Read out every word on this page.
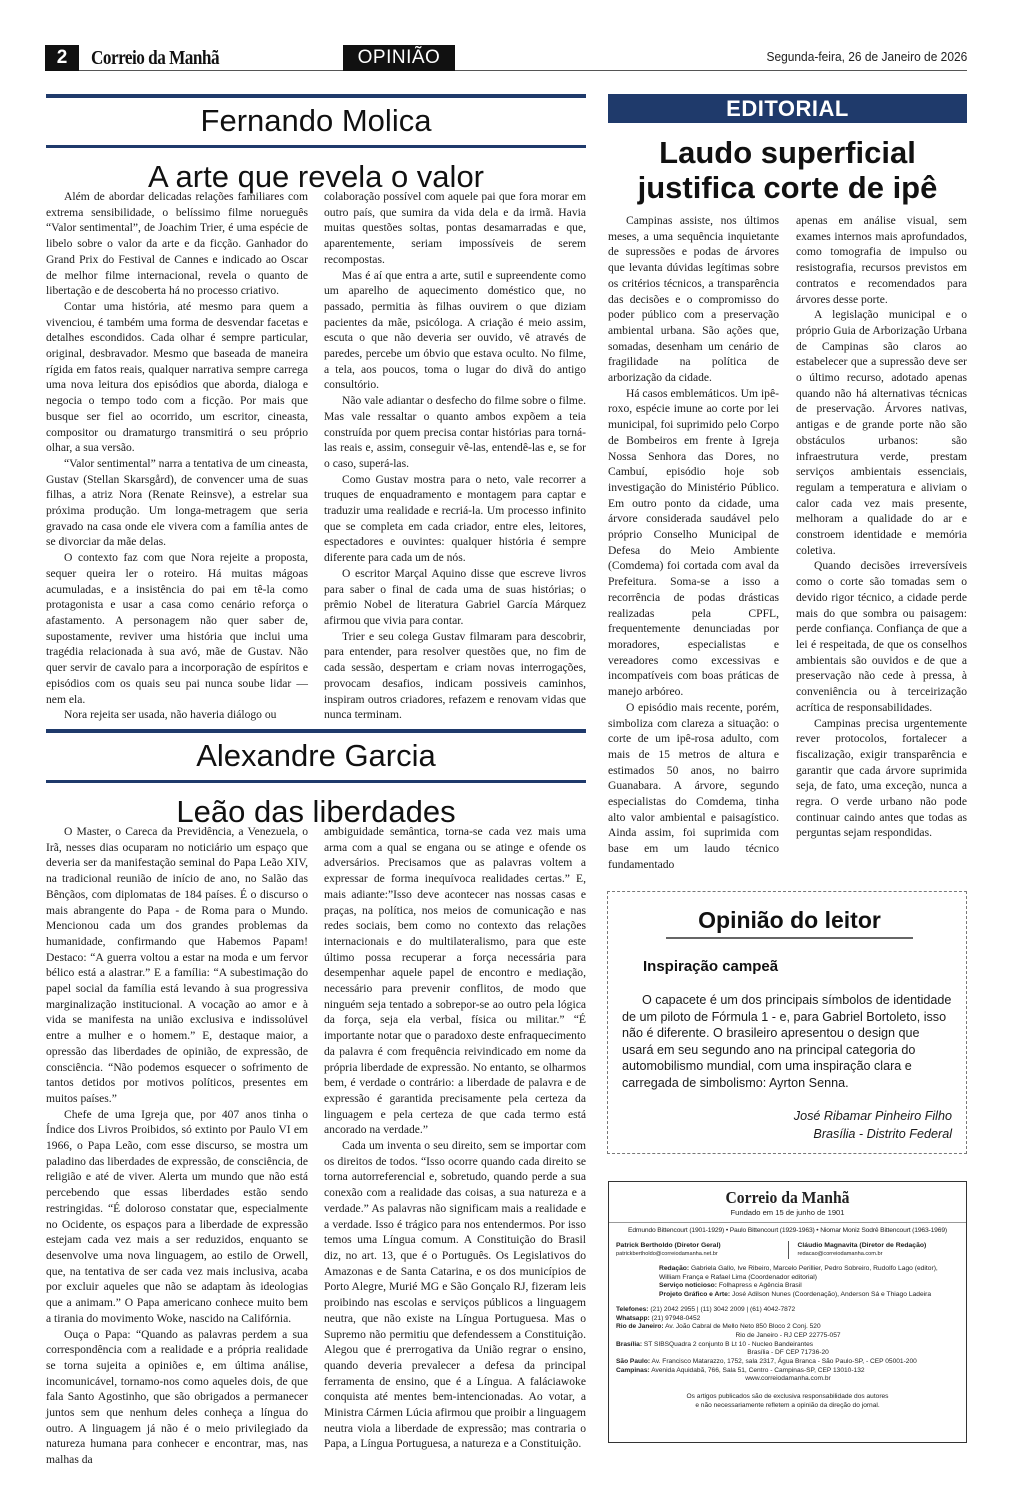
2	Correio da Manhã	OPINIÃO	Segunda-feira, 26 de Janeiro de 2026
Fernando Molica
A arte que revela o valor

Além de abordar delicadas relações familiares com extrema sensibilidade, o belíssimo filme norueguês “Valor sentimental”, de Joachim Trier, é uma espécie de libelo sobre o valor da arte e da ficção. Ganhador do Grand Prix do Festival de Cannes e indicado ao Oscar de melhor filme internacional, revela o quanto de libertação e de descoberta há no processo criativo.

Contar uma história, até mesmo para quem a vivenciou, é também uma forma de desvendar facetas e detalhes escondidos. Cada olhar é sempre particular, original, desbravador. Mesmo que baseada de maneira rígida em fatos reais, qualquer narrativa sempre carrega uma nova leitura dos episódios que aborda, dialoga e negocia o tempo todo com a ficção. Por mais que busque ser fiel ao ocorrido, um escritor, cineasta, compositor ou dramaturgo transmitirá o seu próprio olhar, a sua versão.

“Valor sentimental” narra a tentativa de um cineasta, Gustav (Stellan Skarsgård), de convencer uma de suas filhas, a atriz Nora (Renate Reinsve), a estrelar sua próxima produção. Um longa-metragem que seria gravado na casa onde ele vivera com a família antes de se divorciar da mãe delas.

O contexto faz com que Nora rejeite a proposta, sequer queira ler o roteiro. Há muitas mágoas acumuladas, e a insistência do pai em tê-la como protagonista e usar a casa como cenário reforça o afastamento. A personagem não quer saber de, supostamente, reviver uma história que inclui uma tragédia relacionada à sua avó, mãe de Gustav. Não quer servir de cavalo para a incorporação de espíritos e episódios com os quais seu pai nunca soube lidar — nem ela.

Nora rejeita ser usada, não haveria diálogo ou

colaboração possível com aquele pai que fora morar em outro país, que sumira da vida dela e da irmã. Havia muitas questões soltas, pontas desamarradas e que, aparentemente, seriam impossíveis de serem recompostas.

Mas é aí que entra a arte, sutil e supreendente como um aparelho de aquecimento doméstico que, no passado, permitia às filhas ouvirem o que diziam pacientes da mãe, psicóloga. A criação é meio assim, escuta o que não deveria ser ouvido, vê através de paredes, percebe um óbvio que estava oculto. No filme, a tela, aos poucos, toma o lugar do divã do antigo consultório.

Não vale adiantar o desfecho do filme sobre o filme. Mas vale ressaltar o quanto ambos expõem a teia construída por quem precisa contar histórias para torná-las reais e, assim, conseguir vê-las, entendê-las e, se for o caso, superá-las.

Como Gustav mostra para o neto, vale recorrer a truques de enquadramento e montagem para captar e traduzir uma realidade e recriá-la. Um processo infinito que se completa em cada criador, entre eles, leitores, espectadores e ouvintes: qualquer história é sempre diferente para cada um de nós.

O escritor Marçal Aquino disse que escreve livros para saber o final de cada uma de suas histórias; o prêmio Nobel de literatura Gabriel García Márquez afirmou que vivia para contar.

Trier e seu colega Gustav filmaram para descobrir, para entender, para resolver questões que, no fim de cada sessão, despertam e criam novas interrogações, provocam desafios, indicam possiveis caminhos, inspiram outros criadores, refazem e renovam vidas que nunca terminam.

Alexandre Garcia
Leão das liberdades

O Master, o Careca da Previdência, a Venezuela, o Irã, nesses dias ocuparam no noticiário um espaço que deveria ser da manifestação seminal do Papa Leão XIV, na tradicional reunião de início de ano, no Salão das Bênçãos, com diplomatas de 184 países. É o discurso o mais abrangente do Papa - de Roma para o Mundo. Mencionou cada um dos grandes problemas da humanidade, confirmando que Habemos Papam! Destaco: “A guerra voltou a estar na moda e um fervor bélico está a alastrar.” E a família: “A subestimação do papel social da família está levando à sua progressiva marginalização institucional. A vocação ao amor e à vida se manifesta na união exclusiva e indissolúvel entre a mulher e o homem.” E, destaque maior, a opressão das liberdades de opinião, de expressão, de consciência. “Não podemos esquecer o sofrimento de tantos detidos por motivos políticos, presentes em muitos países.”

Chefe de uma Igreja que, por 407 anos tinha o Índice dos Livros Proibidos, só extinto por Paulo VI em 1966, o Papa Leão, com esse discurso, se mostra um paladino das liberdades de expressão, de consciência, de religião e até de viver. Alerta um mundo que não está percebendo que essas liberdades estão sendo restringidas. “É doloroso constatar que, especialmente no Ocidente, os espaços para a liberdade de expressão estejam cada vez mais a ser reduzidos, enquanto se desenvolve uma nova linguagem, ao estilo de Orwell, que, na tentativa de ser cada vez mais inclusiva, acaba por excluir aqueles que não se adaptam às ideologias que a animam.” O Papa americano conhece muito bem a tirania do movimento Woke, nascido na Califórnia.

Ouça o Papa: “Quando as palavras perdem a sua correspondência com a realidade e a própria realidade se torna sujeita a opiniões e, em última análise, incomunicável, tornamo-nos como aqueles dois, de que fala Santo Agostinho, que são obrigados a permanecer juntos sem que nenhum deles conheça a língua do outro. A linguagem já não é o meio privilegiado da natureza humana para conhecer e encontrar, mas, nas malhas da

ambiguidade semântica, torna-se cada vez mais uma arma com a qual se engana ou se atinge e ofende os adversários. Precisamos que as palavras voltem a expressar de forma inequívoca realidades certas.” E, mais adiante:”Isso deve acontecer nas nossas casas e praças, na política, nos meios de comunicação e nas redes sociais, bem como no contexto das relações internacionais e do multilateralismo, para que este último possa recuperar a força necessária para desempenhar aquele papel de encontro e mediação, necessário para prevenir conflitos, de modo que ninguém seja tentado a sobrepor-se ao outro pela lógica da força, seja ela verbal, física ou militar.” “É importante notar que o paradoxo deste enfraquecimento da palavra é com frequência reivindicado em nome da própria liberdade de expressão. No entanto, se olharmos bem, é verdade o contrário: a liberdade de palavra e de expressão é garantida precisamente pela certeza da linguagem e pela certeza de que cada termo está ancorado na verdade.”

Cada um inventa o seu direito, sem se importar com os direitos de todos. “Isso ocorre quando cada direito se torna autorreferencial e, sobretudo, quando perde a sua conexão com a realidade das coisas, a sua natureza e a verdade.” As palavras não significam mais a realidade e a verdade. Isso é trágico para nos entendermos. Por isso temos uma Língua comum. A Constituição do Brasil diz, no art. 13, que é o Português. Os Legislativos do Amazonas e de Santa Catarina, e os dos municípios de Porto Alegre, Murié MG e São Gonçalo RJ, fizeram leis proibindo nas escolas e serviços públicos a linguagem neutra, que não existe na Língua Portuguesa. Mas o Supremo não permitiu que defendessem a Constituição. Alegou que é prerrogativa da União regrar o ensino, quando deveria prevalecer a defesa da principal ferramenta de ensino, que é a Língua. A faláciawoke conquista até mentes bem-intencionadas. Ao votar, a Ministra Cármen Lúcia afirmou que proibir a linguagem neutra viola a liberdade de expressão; mas contraria o Papa, a Língua Portuguesa, a natureza e a Constituição.

EDITORIAL
Laudo superficial
justifica corte de ipê

Campinas assiste, nos últimos meses, a uma sequência inquietante de supressões e podas de árvores que levanta dúvidas legítimas sobre os critérios técnicos, a transparência das decisões e o compromisso do poder público com a preservação ambiental urbana. São ações que, somadas, desenham um cenário de fragilidade na política de arborização da cidade.

Há casos emblemáticos. Um ipê-roxo, espécie imune ao corte por lei municipal, foi suprimido pelo Corpo de Bombeiros em frente à Igreja Nossa Senhora das Dores, no Cambuí, episódio hoje sob investigação do Ministério Público. Em outro ponto da cidade, uma árvore considerada saudável pelo próprio Conselho Municipal de Defesa do Meio Ambiente (Comdema) foi cortada com aval da Prefeitura. Soma-se a isso a recorrência de podas drásticas realizadas pela CPFL, frequentemente denunciadas por moradores, especialistas e vereadores como excessivas e incompatíveis com boas práticas de manejo arbóreo.

O episódio mais recente, porém, simboliza com clareza a situação: o corte de um ipê-rosa adulto, com mais de 15 metros de altura e estimados 50 anos, no bairro Guanabara. A árvore, segundo especialistas do Comdema, tinha alto valor ambiental e paisagístico. Ainda assim, foi suprimida com base em um laudo técnico fundamentado

apenas em análise visual, sem exames internos mais aprofundados, como tomografia de impulso ou resistografia, recursos previstos em contratos e recomendados para árvores desse porte.

A legislação municipal e o próprio Guia de Arborização Urbana de Campinas são claros ao estabelecer que a supressão deve ser o último recurso, adotado apenas quando não há alternativas técnicas de preservação. Árvores nativas, antigas e de grande porte não são obstáculos urbanos: são infraestrutura verde, prestam serviços ambientais essenciais, regulam a temperatura e aliviam o calor cada vez mais presente, melhoram a qualidade do ar e constroem identidade e memória coletiva.

Quando decisões irreversíveis como o corte são tomadas sem o devido rigor técnico, a cidade perde mais do que sombra ou paisagem: perde confiança. Confiança de que a lei é respeitada, de que os conselhos ambientais são ouvidos e de que a preservação não cede à pressa, à conveniência ou à terceirização acrítica de responsabilidades.

Campinas precisa urgentemente rever protocolos, fortalecer a fiscalização, exigir transparência e garantir que cada árvore suprimida seja, de fato, uma exceção, nunca a regra. O verde urbano não pode continuar caindo antes que todas as perguntas sejam respondidas.

Opinião do leitor
Inspiração campeã

O capacete é um dos principais símbolos de identidade de um piloto de Fórmula 1 - e, para Gabriel Bortoleto, isso não é diferente. O brasileiro apresentou o design que usará em seu segundo ano na principal categoria do automobilismo mundial, com uma inspiração clara e carregada de simbolismo: Ayrton Senna.

José Ribamar Pinheiro Filho
Brasília - Distrito Federal
Correio da Manhã
Fundado em 15 de junho de 1901
Edmundo Bittencourt (1901-1929) • Paulo Bittencourt (1929-1963) • Niomar Moniz Sodrê Bittencourt (1963-1969)
Patrick Bertholdo (Diretor Geral)
patrickbertholdo@correiodamanha.net.br
Cláudio Magnavita (Diretor de Redação)
redacao@correiodamanha.com.br
Redação: Gabriela Gallo, Ive Ribeiro, Marcelo Perillier, Pedro Sobreiro, Rudolfo Lago (editor), William França e Rafael Lima (Coordenador editorial)
Serviço noticioso: Folhapress e Agência Brasil
Projeto Gráfico e Arte: José Adilson Nunes (Coordenação), Anderson Sá e Thiago Ladeira
Telefones: (21) 2042 2955 | (11) 3042 2009 | (61) 4042-7872
Whatsapp: (21) 97948-0452
Rio de Janeiro: Av. João Cabral de Mello Neto 850 Bloco 2 Conj. 520
Rio de Janeiro - RJ CEP 22775-057
Brasília: ST SIBSQuadra 2 conjunto B Lt 10 - Nucleo Bandeirantes
Brasília - DF CEP 71736-20
São Paulo: Av. Francisco Matarazzo, 1752, sala 2317, Água Branca - São Paulo-SP, - CEP 05001-200
Campinas: Avenida Aquidabã, 766, Sala 51, Centro - Campinas-SP, CEP 13010-132
www.correiodamanha.com.br
Os artigos publicados são de exclusiva responsabilidade dos autores
e não necessariamente refletem a opinião da direção do jornal.
